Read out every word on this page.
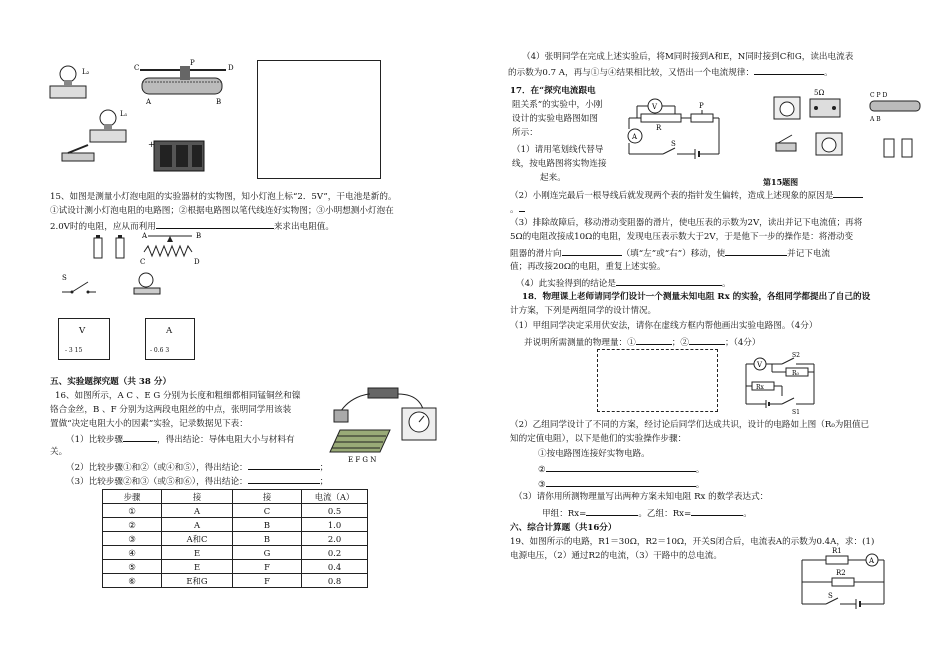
L₂	C
P
D
A	B
L₁
+
15、如图是测量小灯泡电阻的实验器材的实物图，知小灯泡上标“2．5V”，干电池是新的。
①试设计测小灯泡电阻的电路图；②根据电路图以笔代线连好实物图；③小明想测小灯泡在
2.0V时的电阻，应从而利用	来求出电阻值。
A	B
C	D
S
V
- 3 15
A
- 0.6 3
五、实验题探究题（共 38 分）
16、如图所示，A C 、E G 分别为长度和粗细都相同锰铜丝和镍
铬合金丝，B 、F 分别为这两段电阻丝的中点，张明同学用该装
置做“决定电阻大小的因素”实验，记录数据见下表：
（1）比较步骤	，得出结论：导体电阻大小与材料有
关。
（2）比较步骤①和②（或④和⑤），得出结论：	；
（3）比较步骤②和③（或⑤和⑥），得出结论：	；
E F G N
步骤	接	接	电流（A）
①	A	C	0.5
②	A	B	1.0
③	A和C	B	2.0
④	E	G	0.2
⑤	E	F	0.4
⑥	E和G	F	0.8
（4）张明同学在完成上述实验后，将M同时接到A和E，N同时接到C和G，读出电流表
的示数为0.7 A，再与①与④结果相比较，又悟出一个电流规律：	。
17．在“探究电流跟电
阻关系”的实验中，小刚
设计的实验电路图如图
所示：
（1）请用笔划线代替导
线，按电路图将实物连接
起来。
V
R
P
A
S
5Ω	C P D
A B
第15题图
（2）小刚连完最后一根导线后就发现两个表的指针发生偏转，造成上述现象的原因是
。
（3）排除故障后，移动滑动变阻器的滑片，使电压表的示数为2V，读出并记下电流值；再将
5Ω的电阻改接成10Ω的电阻，发现电压表示数大于2V，于是他下一步的操作是：将滑动变
阻器的滑片向	（填“左”或“右”）移动，使	并记下电流
值；再改接20Ω的电阻，重复上述实验。
（4）此实验得到的结论是	。
18．物理课上老师请同学们设计一个测量未知电阻 Rx 的实验，各组同学都提出了自己的设
计方案，下列是两组同学的设计情况。
（1）甲组同学决定采用伏安法，请你在虚线方框内帮他画出实验电路图。（4分）
并说明所需测量的物理量：①	；②	；（4分）
V
S2
R₀
Rx
S1
（2）乙组同学设计了不同的方案，经讨论后同学们达成共识，设计的电路如上图（R₀为阻值已
知的定值电阻），以下是他们的实验操作步骤：
①按电路图连接好实物电路。
②	。
③	。
（3）请你用所测物理量写出两种方案未知电阻 Rx 的数学表达式：
甲组：Rx=	。乙组：Rx=	。
六、综合计算题（共16分）
19、如图所示的电路，R1＝30Ω，R2＝10Ω，开关S闭合后，电流表A的示数为0.4A，求：(1)
电源电压，（2）通过R2的电流，（3）干路中的总电流。	R1
A
R2
S
